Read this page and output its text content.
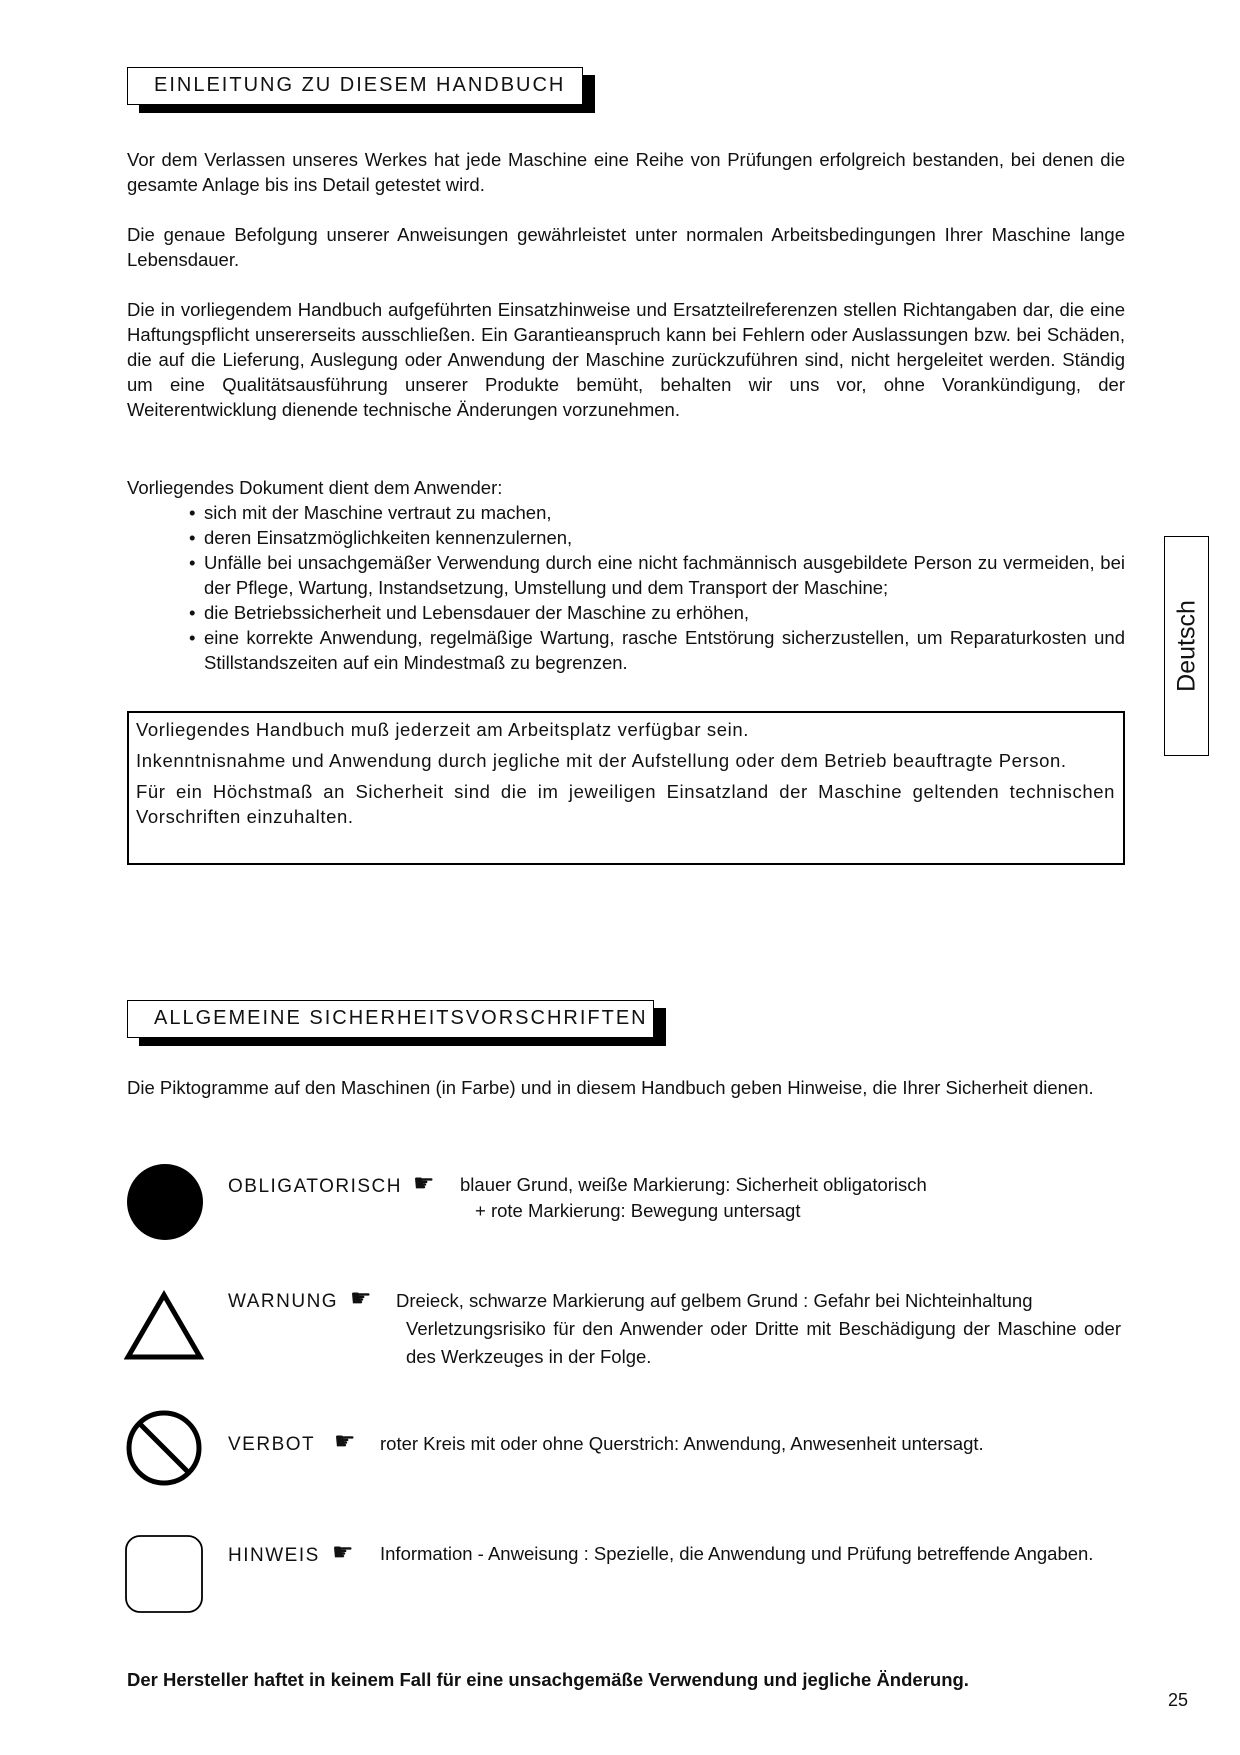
EINLEITUNG ZU DIESEM HANDBUCH

Vor dem Verlassen unseres Werkes hat jede Maschine eine Reihe von Prüfungen erfolgreich bestanden, bei denen die gesamte Anlage bis ins Detail getestet wird.

Die genaue Befolgung unserer Anweisungen gewährleistet unter normalen Arbeitsbedingungen Ihrer Maschine lange Lebensdauer.

Die in vorliegendem Handbuch aufgeführten Einsatzhinweise und Ersatzteilreferenzen stellen Richtangaben dar, die eine Haftungspflicht unsererseits ausschließen. Ein Garantieanspruch kann bei Fehlern oder Auslassungen bzw. bei Schäden, die auf die Lieferung, Auslegung oder Anwendung der Maschine zurückzuführen sind, nicht hergeleitet werden. Ständig um eine Qualitätsausführung unserer Produkte bemüht, behalten wir uns vor, ohne Vorankündigung, der Weiterentwicklung dienende technische Änderungen vorzunehmen.

Vorliegendes Dokument dient dem Anwender:

• sich mit der Maschine vertraut zu machen,
• deren Einsatzmöglichkeiten kennenzulernen,
• Unfälle bei unsachgemäßer Verwendung durch eine nicht fachmännisch ausgebildete Person zu vermeiden, bei der Pflege, Wartung, Instandsetzung, Umstellung und dem Transport der Maschine;
• die Betriebssicherheit und Lebensdauer der Maschine zu erhöhen,
• eine korrekte Anwendung, regelmäßige Wartung, rasche Entstörung sicherzustellen, um Reparaturkosten und Stillstandszeiten auf ein Mindestmaß zu begrenzen.

Vorliegendes Handbuch muß jederzeit am Arbeitsplatz verfügbar sein.

Inkenntnisnahme und Anwendung durch jegliche mit der Aufstellung oder dem Betrieb beauftragte Person.

Für ein Höchstmaß an Sicherheit sind die im jeweiligen Einsatzland der Maschine geltenden technischen Vorschriften einzuhalten.

Deutsch
ALLGEMEINE SICHERHEITSVORSCHRIFTEN

Die Piktogramme auf den Maschinen (in Farbe) und in diesem Handbuch geben Hinweise, die Ihrer Sicherheit dienen.

OBLIGATORISCH ☛ blauer Grund, weiße Markierung: Sicherheit obligatorisch
+ rote Markierung: Bewegung untersagt
WARNUNG ☛ Dreieck, schwarze Markierung auf gelbem Grund : Gefahr bei Nichteinhaltung
Verletzungsrisiko für den Anwender oder Dritte mit Beschädigung der Maschine oder des Werkzeuges in der Folge.
VERBOT ☛ roter Kreis mit oder ohne Querstrich: Anwendung, Anwesenheit untersagt.
HINWEIS ☛ Information - Anweisung : Spezielle, die Anwendung und Prüfung betreffende Angaben.
Der Hersteller haftet in keinem Fall für eine unsachgemäße Verwendung und jegliche Änderung.
25
